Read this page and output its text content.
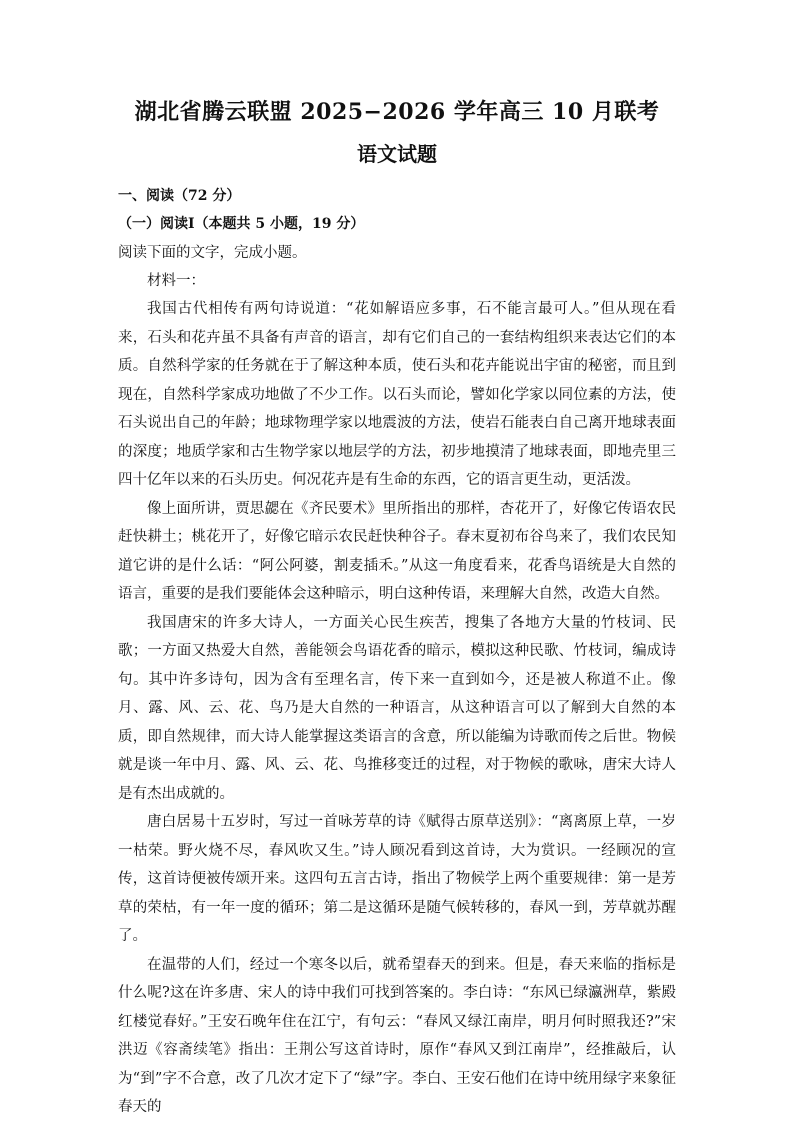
湖北省腾云联盟 2025−2026 学年高三 10 月联考
语文试题
一、阅读（72 分）
（一）阅读Ⅰ（本题共 5 小题，19 分）
阅读下面的文字，完成小题。
材料一：

我国古代相传有两句诗说道：“花如解语应多事，石不能言最可人。”但从现在看来，石头和花卉虽不具备有声音的语言，却有它们自己的一套结构组织来表达它们的本质。自然科学家的任务就在于了解这种本质，使石头和花卉能说出宇宙的秘密，而且到现在，自然科学家成功地做了不少工作。以石头而论，譬如化学家以同位素的方法，使石头说出自己的年龄；地球物理学家以地震波的方法，使岩石能表白自己离开地球表面的深度；地质学家和古生物学家以地层学的方法，初步地摸清了地球表面，即地壳里三四十亿年以来的石头历史。何况花卉是有生命的东西，它的语言更生动，更活泼。

像上面所讲，贾思勰在《齐民要术》里所指出的那样，杏花开了，好像它传语农民赶快耕土；桃花开了，好像它暗示农民赶快种谷子。春末夏初布谷鸟来了，我们农民知道它讲的是什么话：“阿公阿婆，割麦插禾。”从这一角度看来，花香鸟语统是大自然的语言，重要的是我们要能体会这种暗示，明白这种传语，来理解大自然，改造大自然。

我国唐宋的许多大诗人，一方面关心民生疾苦，搜集了各地方大量的竹枝词、民歌；一方面又热爱大自然，善能领会鸟语花香的暗示，模拟这种民歌、竹枝词，编成诗句。其中许多诗句，因为含有至理名言，传下来一直到如今，还是被人称道不止。像月、露、风、云、花、鸟乃是大自然的一种语言，从这种语言可以了解到大自然的本质，即自然规律，而大诗人能掌握这类语言的含意，所以能编为诗歌而传之后世。物候就是谈一年中月、露、风、云、花、鸟推移变迁的过程，对于物候的歌咏，唐宋大诗人是有杰出成就的。

唐白居易十五岁时，写过一首咏芳草的诗《赋得古原草送别》：“离离原上草，一岁一枯荣。野火烧不尽，春风吹又生。”诗人顾况看到这首诗，大为赏识。一经顾况的宣传，这首诗便被传颂开来。这四句五言古诗，指出了物候学上两个重要规律：第一是芳草的荣枯，有一年一度的循环；第二是这循环是随气候转移的，春风一到，芳草就苏醒了。

在温带的人们，经过一个寒冬以后，就希望春天的到来。但是，春天来临的指标是什么呢?这在许多唐、宋人的诗中我们可找到答案的。李白诗：“东风已绿瀛洲草，紫殿红楼觉春好。”王安石晚年住在江宁，有句云：“春风又绿江南岸，明月何时照我还?”宋洪迈《容斋续笔》指出：王荆公写这首诗时，原作“春风又到江南岸”，经推敲后，认为“到”字不合意，改了几次才定下了“绿”字。李白、王安石他们在诗中统用绿字来象征春天的
